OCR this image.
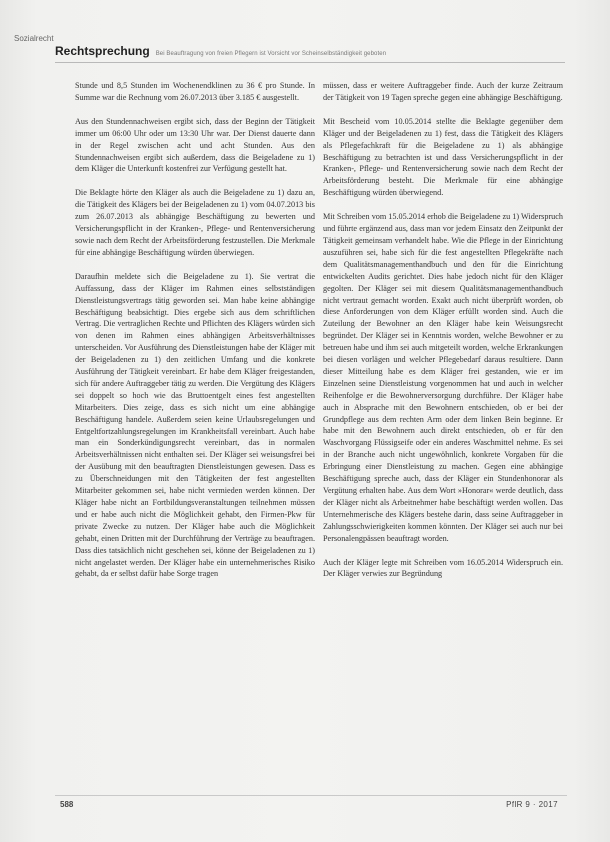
Sozialrecht
Rechtsprechung Bei Beauftragung von freien Pflegern ist Vorsicht vor Scheinselbständigkeit geboten

Stunde und 8,5 Stunden im Wochenendklinen zu 36 € pro Stunde. In Summe war die Rechnung vom 26.07.2013 über 3.185 € ausgestellt.

Aus den Stundennachweisen ergibt sich, dass der Beginn der Tätigkeit immer um 06:00 Uhr oder um 13:30 Uhr war. Der Dienst dauerte dann in der Regel zwischen acht und acht Stunden. Aus den Stundennachweisen ergibt sich außerdem, dass die Beigeladene zu 1) dem Kläger die Unterkunft kostenfrei zur Verfügung gestellt hat.

Die Beklagte hörte den Kläger als auch die Beigeladene zu 1) dazu an, die Tätigkeit des Klägers bei der Beigeladenen zu 1) vom 04.07.2013 bis zum 26.07.2013 als abhängige Beschäftigung zu bewerten und Versicherungspflicht in der Kranken-, Pflege- und Rentenversicherung sowie nach dem Recht der Arbeitsförderung festzustellen. Die Merkmale für eine abhängige Beschäftigung würden überwiegen.

Daraufhin meldete sich die Beigeladene zu 1). Sie vertrat die Auffassung, dass der Kläger im Rahmen eines selbstständigen Dienstleistungsvertrags tätig geworden sei. Man habe keine abhängige Beschäftigung beabsichtigt. Dies ergebe sich aus dem schriftlichen Vertrag. Die vertraglichen Rechte und Pflichten des Klägers würden sich von denen im Rahmen eines abhängigen Arbeitsverhältnisses unterscheiden. Vor Ausführung des Dienstleistungen habe der Kläger mit der Beigeladenen zu 1) den zeitlichen Umfang und die konkrete Ausführung der Tätigkeit vereinbart. Er habe dem Kläger freigestanden, sich für andere Auftraggeber tätig zu werden. Die Vergütung des Klägers sei doppelt so hoch wie das Bruttoentgelt eines fest angestellten Mitarbeiters. Dies zeige, dass es sich nicht um eine abhängige Beschäftigung handele. Außerdem seien keine Urlaubsregelungen und Entgeltfortzahlungsregelungen im Krankheitsfall vereinbart. Auch habe man ein Sonderkündigungsrecht vereinbart, das in normalen Arbeitsverhältnissen nicht enthalten sei. Der Kläger sei weisungsfrei bei der Ausübung mit den beauftragten Dienstleistungen gewesen. Dass es zu Überschneidungen mit den Tätigkeiten der fest angestellten Mitarbeiter gekommen sei, habe nicht vermieden werden können. Der Kläger habe nicht an Fortbildungsveranstaltungen teilnehmen müssen und er habe auch nicht die Möglichkeit gehabt, den Firmen-Pkw für private Zwecke zu nutzen. Der Kläger habe auch die Möglichkeit gehabt, einen Dritten mit der Durchführung der Verträge zu beauftragen. Dass dies tatsächlich nicht geschehen sei, könne der Beigeladenen zu 1) nicht angelastet werden. Der Kläger habe ein unternehmerisches Risiko gehabt, da er selbst dafür habe Sorge tragen

müssen, dass er weitere Auftraggeber finde. Auch der kurze Zeitraum der Tätigkeit von 19 Tagen spreche gegen eine abhängige Beschäftigung.

Mit Bescheid vom 10.05.2014 stellte die Beklagte gegenüber dem Kläger und der Beigeladenen zu 1) fest, dass die Tätigkeit des Klägers als Pflegefachkraft für die Beigeladene zu 1) als abhängige Beschäftigung zu betrachten ist und dass Versicherungspflicht in der Kranken-, Pflege- und Rentenversicherung sowie nach dem Recht der Arbeitsförderung besteht. Die Merkmale für eine abhängige Beschäftigung würden überwiegend.

Mit Schreiben vom 15.05.2014 erhob die Beigeladene zu 1) Widerspruch und führte ergänzend aus, dass man vor jedem Einsatz den Zeitpunkt der Tätigkeit gemeinsam verhandelt habe. Wie die Pflege in der Einrichtung auszuführen sei, habe sich für die fest angestellten Pflegekräfte nach dem Qualitätsmanagementhandbuch und den für die Einrichtung entwickelten Audits gerichtet. Dies habe jedoch nicht für den Kläger gegolten. Der Kläger sei mit diesem Qualitätsmanagementhandbuch nicht vertraut gemacht worden. Exakt auch nicht überprüft worden, ob diese Anforderungen von dem Kläger erfüllt worden sind. Auch die Zuteilung der Bewohner an den Kläger habe kein Weisungsrecht begründet. Der Kläger sei in Kenntnis worden, welche Bewohner er zu betreuen habe und ihm sei auch mitgeteilt worden, welche Erkrankungen bei diesen vorlägen und welcher Pflegebedarf daraus resultiere. Dann dieser Mitteilung habe es dem Kläger frei gestanden, wie er im Einzelnen seine Dienstleistung vorgenommen hat und auch in welcher Reihenfolge er die Bewohnerversorgung durchführe. Der Kläger habe auch in Absprache mit den Bewohnern entschieden, ob er bei der Grundpflege aus dem rechten Arm oder dem linken Bein beginne. Er habe mit den Bewohnern auch direkt entschieden, ob er für den Waschvorgang Flüssigseife oder ein anderes Waschmittel nehme. Es sei in der Branche auch nicht ungewöhnlich, konkrete Vorgaben für die Erbringung einer Dienstleistung zu machen. Gegen eine abhängige Beschäftigung spreche auch, dass der Kläger ein Stundenhonorar als Vergütung erhalten habe. Aus dem Wort »Honorar« werde deutlich, dass der Kläger nicht als Arbeitnehmer habe beschäftigt werden wollen. Das Unternehmerische des Klägers bestehe darin, dass seine Auftraggeber in Zahlungsschwierigkeiten kommen könnten. Der Kläger sei auch nur bei Personalengpässen beauftragt worden.

Auch der Kläger legte mit Schreiben vom 16.05.2014 Widerspruch ein. Der Kläger verwies zur Begründung

588	PflR 9 · 2017
